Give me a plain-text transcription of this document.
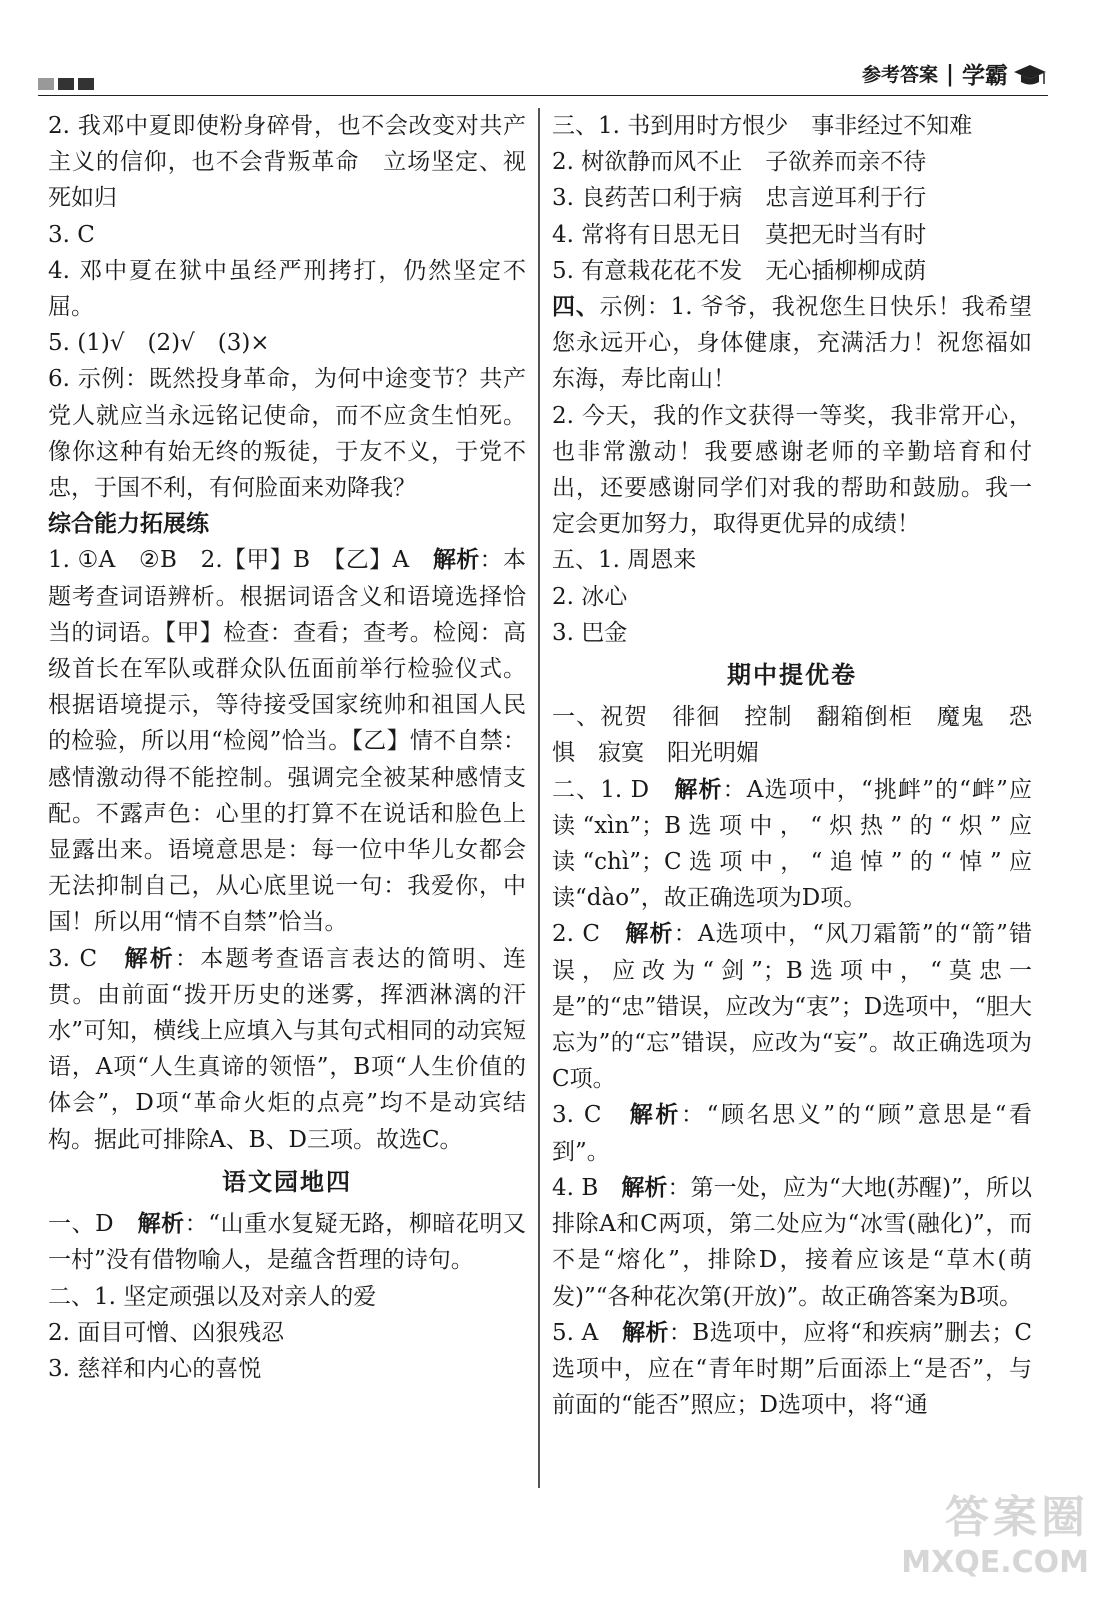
参考答案 | 学霸

2. 我邓中夏即使粉身碎骨，也不会改变对共产主义的信仰，也不会背叛革命　立场坚定、视死如归

3. C

4. 邓中夏在狱中虽经严刑拷打，仍然坚定不屈。

5. (1)√　(2)√　(3)×

6. 示例：既然投身革命，为何中途变节？共产党人就应当永远铭记使命，而不应贪生怕死。像你这种有始无终的叛徒，于友不义，于党不忠，于国不利，有何脸面来劝降我？

综合能力拓展练

1. ①A　②B　2.【甲】B　【乙】A　解析：本题考查词语辨析。根据词语含义和语境选择恰当的词语。【甲】检查：查看；查考。检阅：高级首长在军队或群众队伍面前举行检验仪式。根据语境提示，等待接受国家统帅和祖国人民的检验，所以用“检阅”恰当。【乙】情不自禁：感情激动得不能控制。强调完全被某种感情支配。不露声色：心里的打算不在说话和脸色上显露出来。语境意思是：每一位中华儿女都会无法抑制自己，从心底里说一句：我爱你，中国！所以用“情不自禁”恰当。

3. C　解析：本题考查语言表达的简明、连贯。由前面“拨开历史的迷雾，挥洒淋漓的汗水”可知，横线上应填入与其句式相同的动宾短语，A项“人生真谛的领悟”，B项“人生价值的体会”，D项“革命火炬的点亮”均不是动宾结构。据此可排除A、B、D三项。故选C。

语文园地四

一、D　解析：“山重水复疑无路，柳暗花明又一村”没有借物喻人，是蕴含哲理的诗句。

二、1. 坚定顽强以及对亲人的爱

2. 面目可憎、凶狠残忍

3. 慈祥和内心的喜悦

三、1. 书到用时方恨少　事非经过不知难

2. 树欲静而风不止　子欲养而亲不待

3. 良药苦口利于病　忠言逆耳利于行

4. 常将有日思无日　莫把无时当有时

5. 有意栽花花不发　无心插柳柳成荫

四、示例：1. 爷爷，我祝您生日快乐！我希望您永远开心，身体健康，充满活力！祝您福如东海，寿比南山！

2. 今天，我的作文获得一等奖，我非常开心，也非常激动！我要感谢老师的辛勤培育和付出，还要感谢同学们对我的帮助和鼓励。我一定会更加努力，取得更优异的成绩！

五、1. 周恩来

2. 冰心

3. 巴金

期中提优卷

一、祝贺　徘徊　控制　翻箱倒柜　魔鬼　恐惧　寂寞　阳光明媚

二、1. D　解析：A选项中，“挑衅”的“衅”应读“xìn”；B选项中，“炽热”的“炽”应读“chì”；C选项中，“追悼”的“悼”应读“dào”，故正确选项为D项。

2. C　解析：A选项中，“风刀霜箭”的“箭”错误，应改为“剑”；B选项中，“莫忠一是”的“忠”错误，应改为“衷”；D选项中，“胆大忘为”的“忘”错误，应改为“妄”。故正确选项为C项。

3. C　解析：“顾名思义”的“顾”意思是“看到”。

4. B　解析：第一处，应为“大地(苏醒)”，所以排除A和C两项，第二处应为“冰雪(融化)”，而不是“熔化”，排除D，接着应该是“草木(萌发)”“各种花次第(开放)”。故正确答案为B项。

5. A　解析：B选项中，应将“和疾病”删去；C选项中，应在“青年时期”后面添上“是否”，与前面的“能否”照应；D选项中，将“通

答案圈
MXQE.COM
